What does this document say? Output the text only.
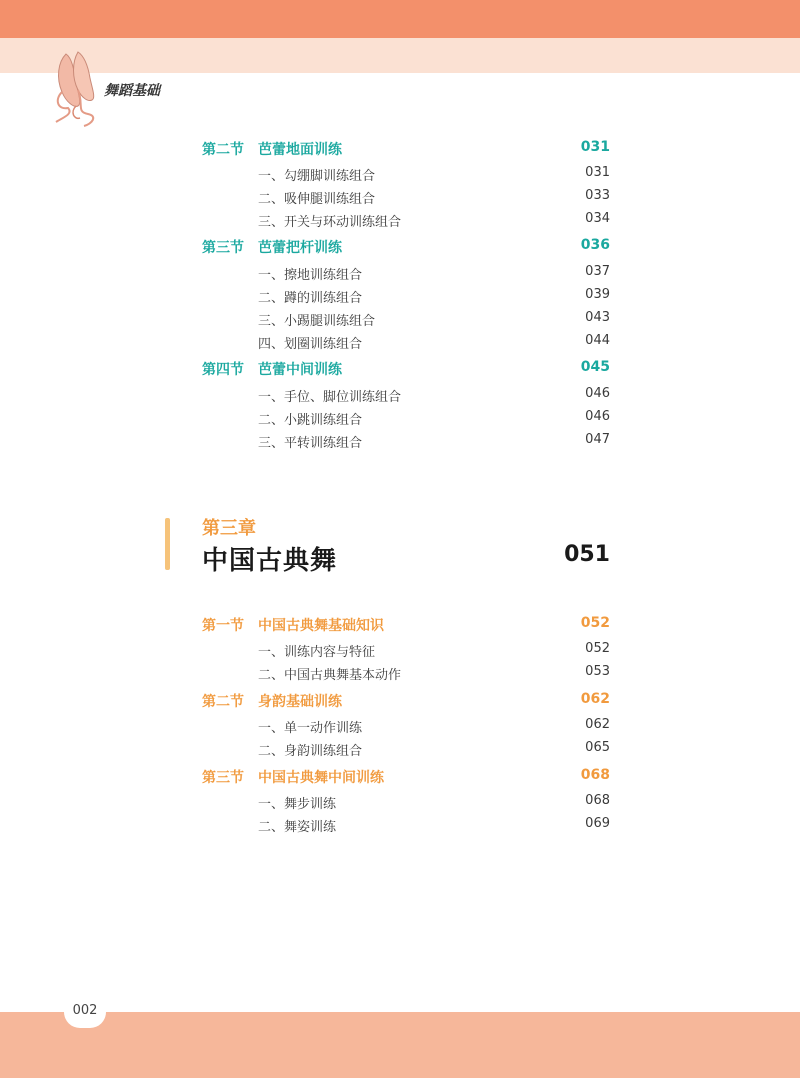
舞蹈基础
第二节 芭蕾地面训练	031
一、勾绷脚训练组合	031
二、吸伸腿训练组合	033
三、开关与环动训练组合	034
第三节 芭蕾把杆训练	036
一、擦地训练组合	037
二、蹲的训练组合	039
三、小踢腿训练组合	043
四、划圈训练组合	044
第四节 芭蕾中间训练	045
一、手位、脚位训练组合	046
二、小跳训练组合	046
三、平转训练组合	047
第三章
中国古典舞	051
第一节 中国古典舞基础知识	052
一、训练内容与特征	052
二、中国古典舞基本动作	053
第二节 身韵基础训练	062
一、单一动作训练	062
二、身韵训练组合	065
第三节 中国古典舞中间训练	068
一、舞步训练	068
二、舞姿训练	069
002
